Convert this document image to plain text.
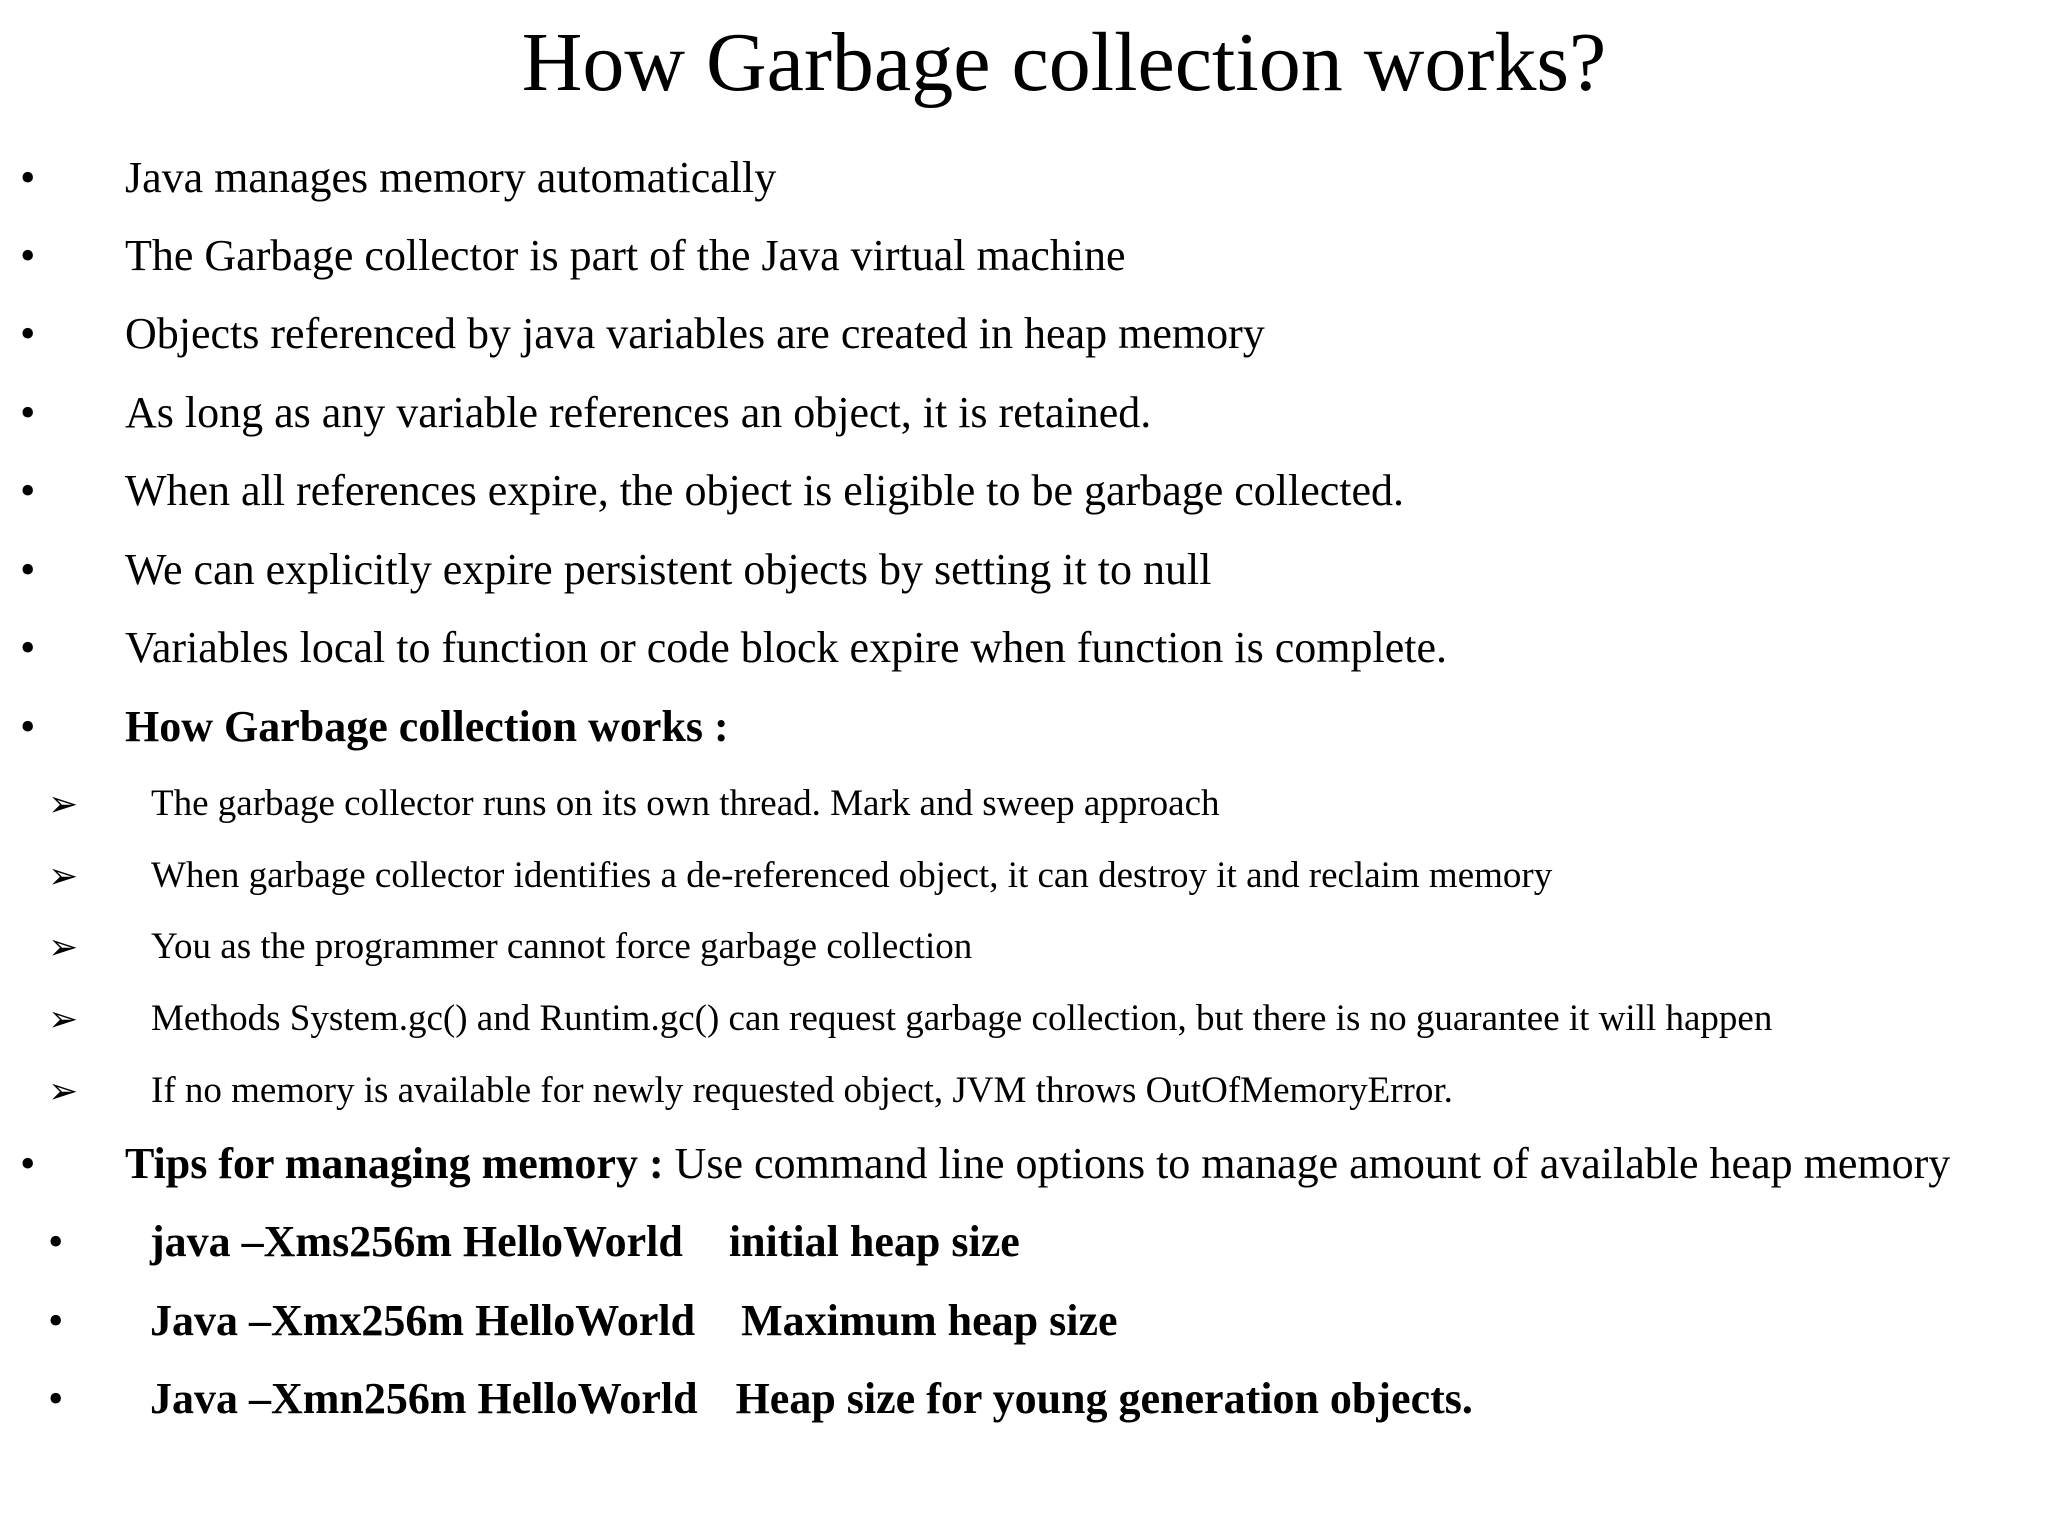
How Garbage collection works?
• Java manages memory automatically
• The Garbage collector is part of the Java virtual machine
• Objects referenced by java variables are created in heap memory
• As long as any variable references an object, it is retained.
• When all references expire, the object is eligible to be garbage collected.
• We can explicitly expire persistent objects by setting it to null
• Variables local to function or code block expire when function is complete.
• How Garbage collection works :
➢ The garbage collector runs on its own thread. Mark and sweep approach
➢ When garbage collector identifies a de-referenced object, it can destroy it and reclaim memory
➢ You as the programmer cannot force garbage collection
➢ Methods System.gc() and Runtim.gc() can request garbage collection, but there is no guarantee it will happen
➢ If no memory is available for newly requested object, JVM throws OutOfMemoryError.
• Tips for managing memory : Use command line options to manage amount of available heap memory
• java –Xms256m HelloWorld initial heap size
• Java –Xmx256m HelloWorld Maximum heap size
• Java –Xmn256m HelloWorld Heap size for young generation objects.
